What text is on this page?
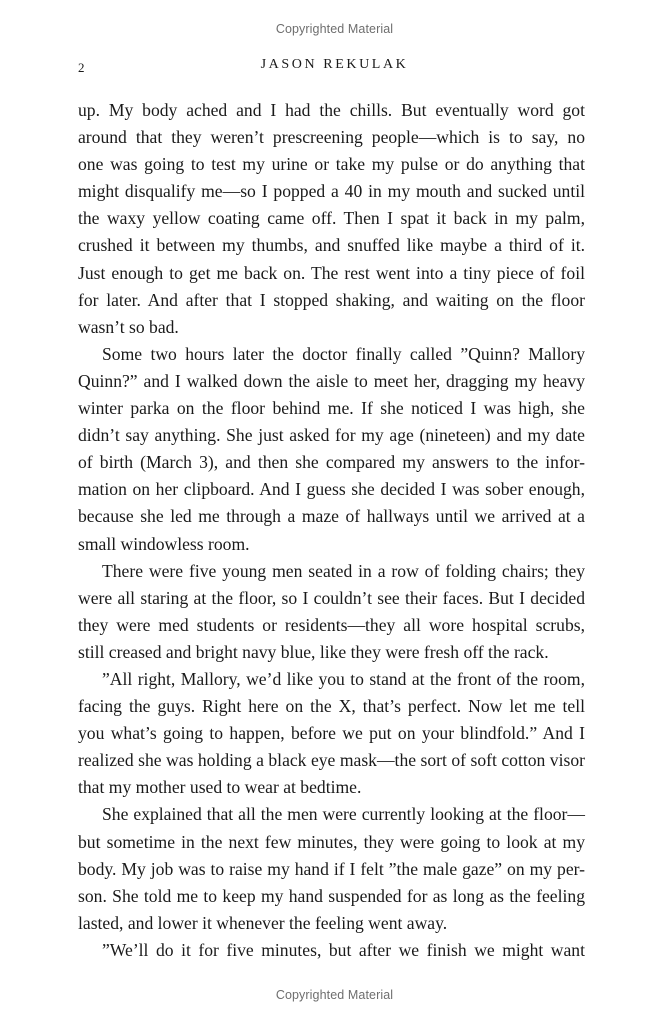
Copyrighted Material
2	JASON REKULAK
up. My body ached and I had the chills. But eventually word got
around that they weren’t prescreening people—which is to say, no
one was going to test my urine or take my pulse or do anything that
might disqualify me—so I popped a 40 in my mouth and sucked until
the waxy yellow coating came off. Then I spat it back in my palm,
crushed it between my thumbs, and snuffed like maybe a third of it.
Just enough to get me back on. The rest went into a tiny piece of foil
for later. And after that I stopped shaking, and waiting on the floor
wasn’t so bad.
Some two hours later the doctor finally called ”Quinn? Mallory
Quinn?” and I walked down the aisle to meet her, dragging my heavy
winter parka on the floor behind me. If she noticed I was high, she
didn’t say anything. She just asked for my age (nineteen) and my date
of birth (March 3), and then she compared my answers to the infor-
mation on her clipboard. And I guess she decided I was sober enough,
because she led me through a maze of hallways until we arrived at a
small windowless room.
There were five young men seated in a row of folding chairs; they
were all staring at the floor, so I couldn’t see their faces. But I decided
they were med students or residents—they all wore hospital scrubs,
still creased and bright navy blue, like they were fresh off the rack.
”All right, Mallory, we’d like you to stand at the front of the room,
facing the guys. Right here on the X, that’s perfect. Now let me tell
you what’s going to happen, before we put on your blindfold.” And I
realized she was holding a black eye mask—the sort of soft cotton visor
that my mother used to wear at bedtime.
She explained that all the men were currently looking at the floor—
but sometime in the next few minutes, they were going to look at my
body. My job was to raise my hand if I felt ”the male gaze” on my per-
son. She told me to keep my hand suspended for as long as the feeling
lasted, and lower it whenever the feeling went away.
”We’ll do it for five minutes, but after we finish we might want
Copyrighted Material
